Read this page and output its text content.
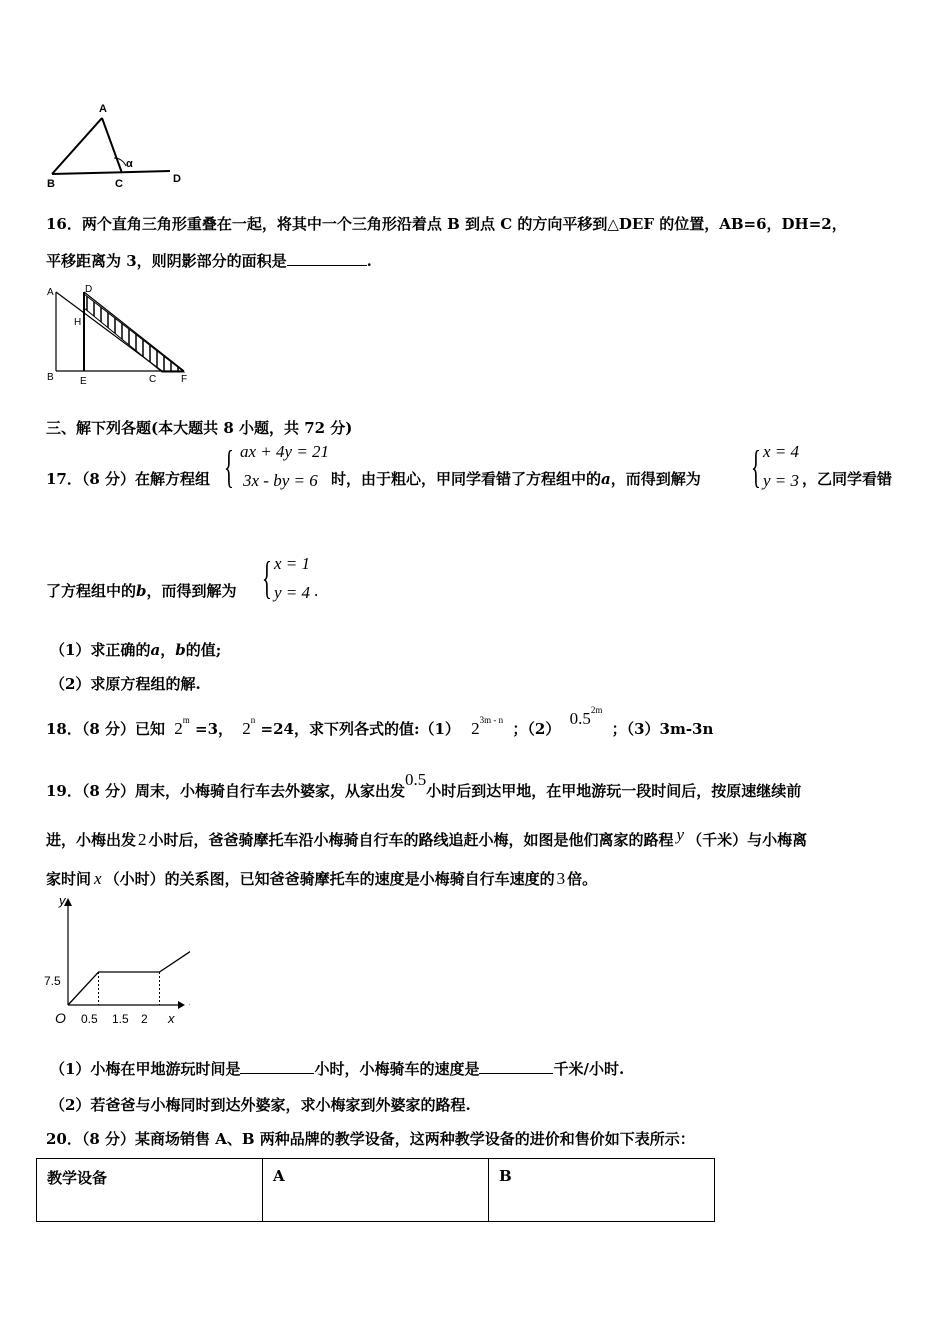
A
B	C	D
α
16．两个直角三角形重叠在一起，将其中一个三角形沿着点 B 到点 C 的方向平移到△DEF 的位置，AB=6，DH=2，
平移距离为 3，则阴影部分的面积是	.
A	D
H
B	E	C F
三、解下列各题(本大题共 8 小题，共 72 分)
17．（8 分）在解方程组 { ax + 4y = 21
3x - by = 6 时，由于粗心，甲同学看错了方程组中的a，而得到解为 { x = 4
y = 3 ，乙同学看错
了方程组中的b，而得到解为 { x = 1
y = 4 .
（1）求正确的a，b的值;
（2）求原方程组的解.
18．（8 分）已知 $2^m =3$， $2^n =24$，求下列各式的值:（1） $2^{3m - n}$ ；（2） $0.5^{2m}$ ；（3）3m-3n
19．（8 分）周末，小梅骑自行车去外婆家，从家出发0.5小时后到达甲地，在甲地游玩一段时间后，按原速继续前
进，小梅出发 2 小时后，爸爸骑摩托车沿小梅骑自行车的路线追赶小梅，如图是他们离家的路程 y （千米）与小梅离
家时间 x （小时）的关系图，已知爸爸骑摩托车的速度是小梅骑自行车速度的 3 倍。
y
x
O 0.5 1.5 2
7.5
（1）小梅在甲地游玩时间是	小时，小梅骑车的速度是	千米/小时.
（2）若爸爸与小梅同时到达外婆家，求小梅家到外婆家的路程.
20．（8 分）某商场销售 A、B 两种品牌的教学设备，这两种教学设备的进价和售价如下表所示：
教学设备	A	B
